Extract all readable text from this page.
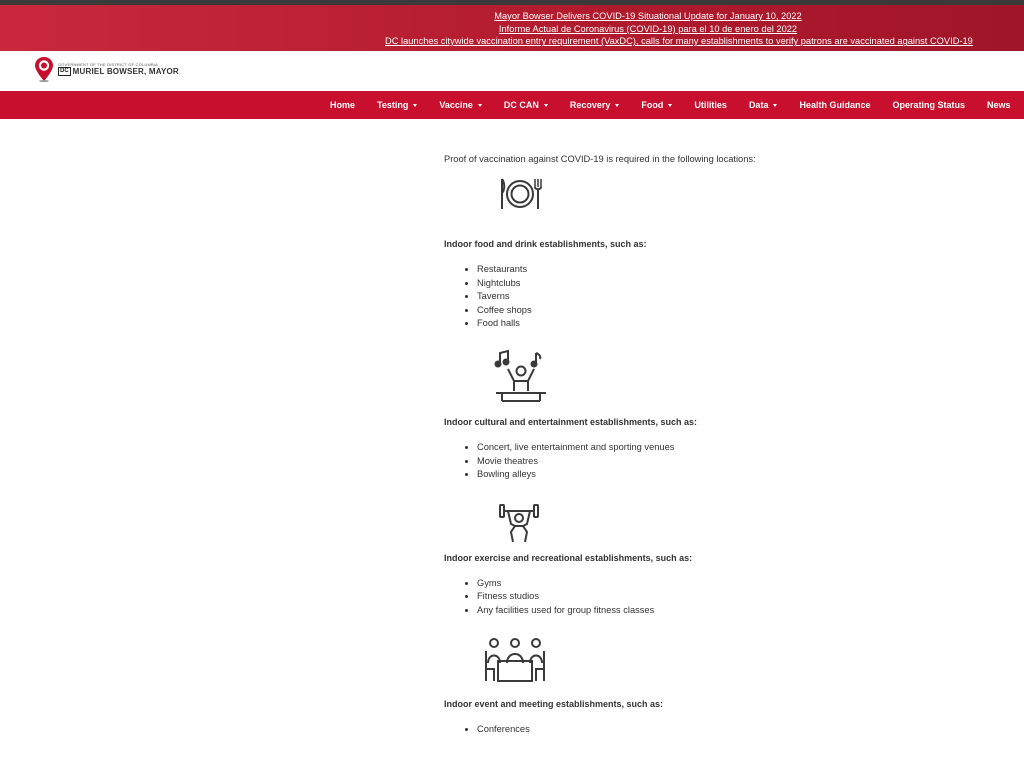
Mayor Bowser Delivers COVID-19 Situational Update for January 10, 2022
Informe Actual de Coronavirus (COVID-19) para el 10 de enero del 2022
DC launches citywide vaccination entry requirement (VaxDC), calls for many establishments to verify patrons are vaccinated against COVID-19
GOVERNMENT OF THE DISTRICT OF COLUMBIA
DC MURIEL BOWSER, MAYOR
Home Testing	Vaccine	DC CAN	Recovery	Food	Utilities Data	Health Guidance Operating Status News

Proof of vaccination against COVID-19 is required in the following locations:

Indoor food and drink establishments, such as:

• Restaurants
• Nightclubs
• Taverns
• Coffee shops
• Food halls

Indoor cultural and entertainment establishments, such as:

• Concert, live entertainment and sporting venues
• Movie theatres
• Bowling alleys

Indoor exercise and recreational establishments, such as:

• Gyms
• Fitness studios
• Any facilities used for group fitness classes

Indoor event and meeting establishments, such as:

• Conferences
